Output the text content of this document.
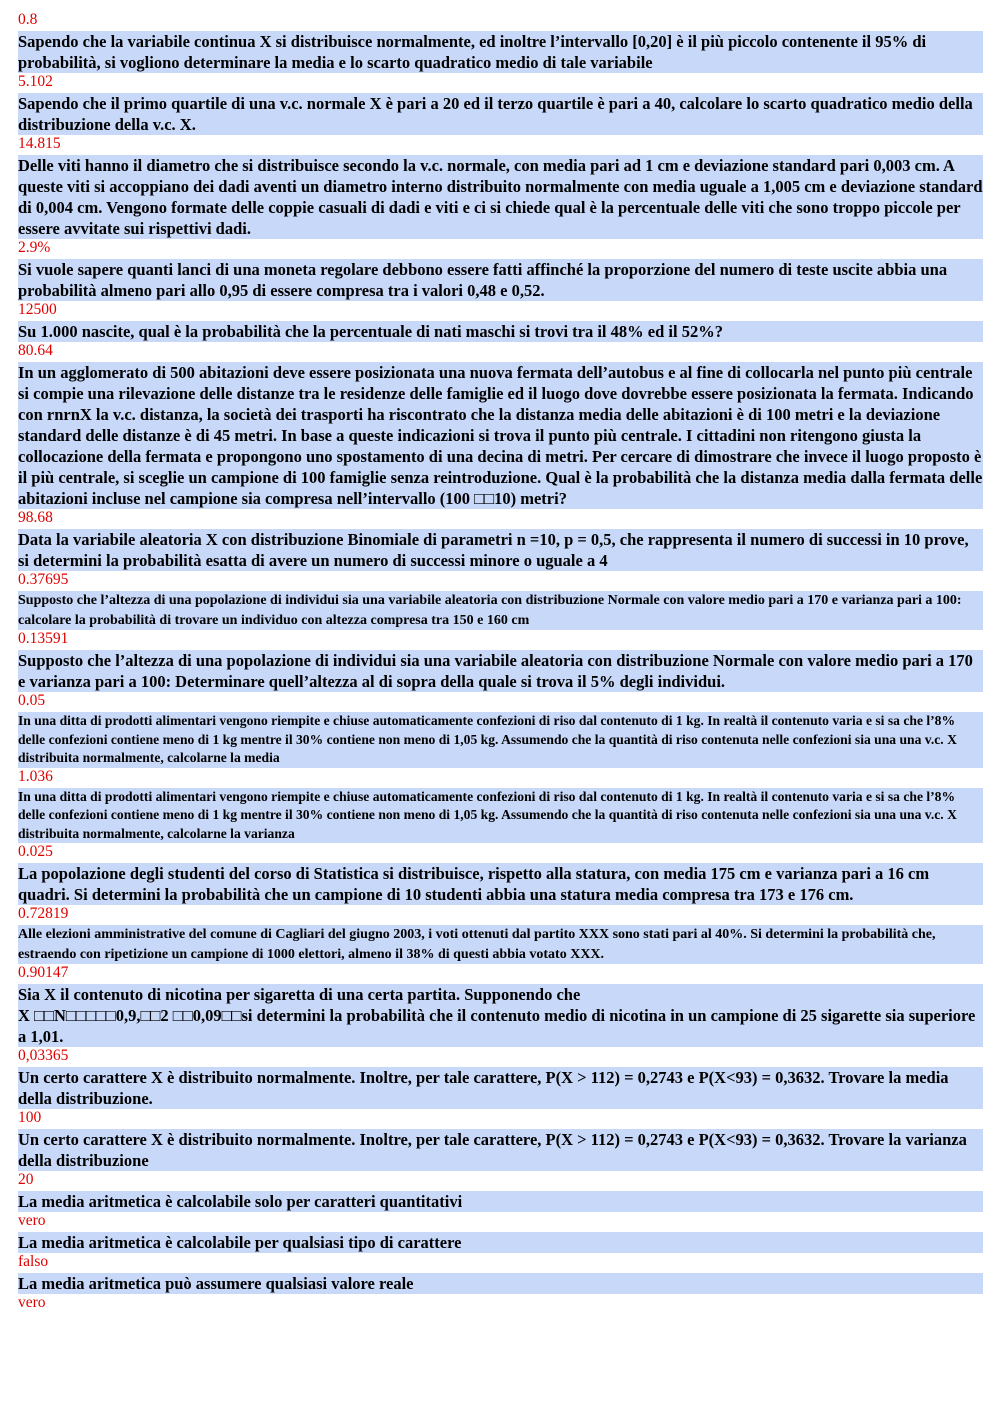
0.8
Sapendo che la variabile continua X si distribuisce normalmente, ed inoltre l’intervallo [0,20] è il più piccolo contenente il 95% di probabilità, si vogliono determinare la media e lo scarto quadratico medio di tale variabile
5.102
Sapendo che il primo quartile di una v.c. normale X è pari a 20 ed il terzo quartile è pari a 40, calcolare lo scarto quadratico medio della distribuzione della v.c. X.
14.815
Delle viti hanno il diametro che si distribuisce secondo la v.c. normale, con media pari ad 1 cm e deviazione standard pari 0,003 cm. A queste viti si accoppiano dei dadi aventi un diametro interno distribuito normalmente con media uguale a 1,005 cm e deviazione standard di 0,004 cm. Vengono formate delle coppie casuali di dadi e viti e ci si chiede qual è la percentuale delle viti che sono troppo piccole per essere avvitate sui rispettivi dadi.
2.9%
Si vuole sapere quanti lanci di una moneta regolare debbono essere fatti affinché la proporzione del numero di teste uscite abbia una probabilità almeno pari allo 0,95 di essere compresa tra i valori 0,48 e 0,52.
12500
Su 1.000 nascite, qual è la probabilità che la percentuale di nati maschi si trovi tra il 48% ed il 52%?
80.64
In un agglomerato di 500 abitazioni deve essere posizionata una nuova fermata dell’autobus e al fine di collocarla nel punto più centrale si compie una rilevazione delle distanze tra le residenze delle famiglie ed il luogo dove dovrebbe essere posizionata la fermata. Indicando con rnrnX la v.c. distanza, la società dei trasporti ha riscontrato che la distanza media delle abitazioni è di 100 metri e la deviazione standard delle distanze è di 45 metri. In base a queste indicazioni si trova il punto più centrale. I cittadini non ritengono giusta la collocazione della fermata e propongono uno spostamento di una decina di metri. Per cercare di dimostrare che invece il luogo proposto è il più centrale, si sceglie un campione di 100 famiglie senza reintroduzione. Qual è la probabilità che la distanza media dalla fermata delle abitazioni incluse nel campione sia compresa nell’intervallo (100 □□10) metri?
98.68
Data la variabile aleatoria X con distribuzione Binomiale di parametri n =10, p = 0,5, che rappresenta il numero di successi in 10 prove, si determini la probabilità esatta di avere un numero di successi minore o uguale a 4
0.37695
Supposto che l’altezza di una popolazione di individui sia una variabile aleatoria con distribuzione Normale con valore medio pari a 170 e varianza pari a 100: calcolare la probabilità di trovare un individuo con altezza compresa tra 150 e 160 cm
0.13591
Supposto che l’altezza di una popolazione di individui sia una variabile aleatoria con distribuzione Normale con valore medio pari a 170 e varianza pari a 100: Determinare quell’altezza al di sopra della quale si trova il 5% degli individui.
0.05
In una ditta di prodotti alimentari vengono riempite e chiuse automaticamente confezioni di riso dal contenuto di 1 kg. In realtà il contenuto varia e si sa che l’8% delle confezioni contiene meno di 1 kg mentre il 30% contiene non meno di 1,05 kg. Assumendo che la quantità di riso contenuta nelle confezioni sia una una v.c. X distribuita normalmente, calcolarne la media
1.036
In una ditta di prodotti alimentari vengono riempite e chiuse automaticamente confezioni di riso dal contenuto di 1 kg. In realtà il contenuto varia e si sa che l’8% delle confezioni contiene meno di 1 kg mentre il 30% contiene non meno di 1,05 kg. Assumendo che la quantità di riso contenuta nelle confezioni sia una una v.c. X distribuita normalmente, calcolarne la varianza
0.025
La popolazione degli studenti del corso di Statistica si distribuisce, rispetto alla statura, con media 175 cm e varianza pari a 16 cm quadri. Si determini la probabilità che un campione di 10 studenti abbia una statura media compresa tra 173 e 176 cm.
0.72819
Alle elezioni amministrative del comune di Cagliari del giugno 2003, i voti ottenuti dal partito XXX sono stati pari al 40%. Si determini la probabilità che, estraendo con ripetizione un campione di 1000 elettori, almeno il 38% di questi abbia votato XXX.
0.90147
Sia X il contenuto di nicotina per sigaretta di una certa partita. Supponendo che
X □□N□□□□□0,9,□□2 □□0,09□□si determini la probabilità che il contenuto medio di nicotina in un campione di 25 sigarette sia superiore a 1,01.
0,03365
Un certo carattere X è distribuito normalmente. Inoltre, per tale carattere, P(X > 112) = 0,2743 e P(X<93) = 0,3632. Trovare la media della distribuzione.
100
Un certo carattere X è distribuito normalmente. Inoltre, per tale carattere, P(X > 112) = 0,2743 e P(X<93) = 0,3632. Trovare la varianza della distribuzione
20
La media aritmetica è calcolabile solo per caratteri quantitativi
vero
La media aritmetica è calcolabile per qualsiasi tipo di carattere
falso
La media aritmetica può assumere qualsiasi valore reale
vero
